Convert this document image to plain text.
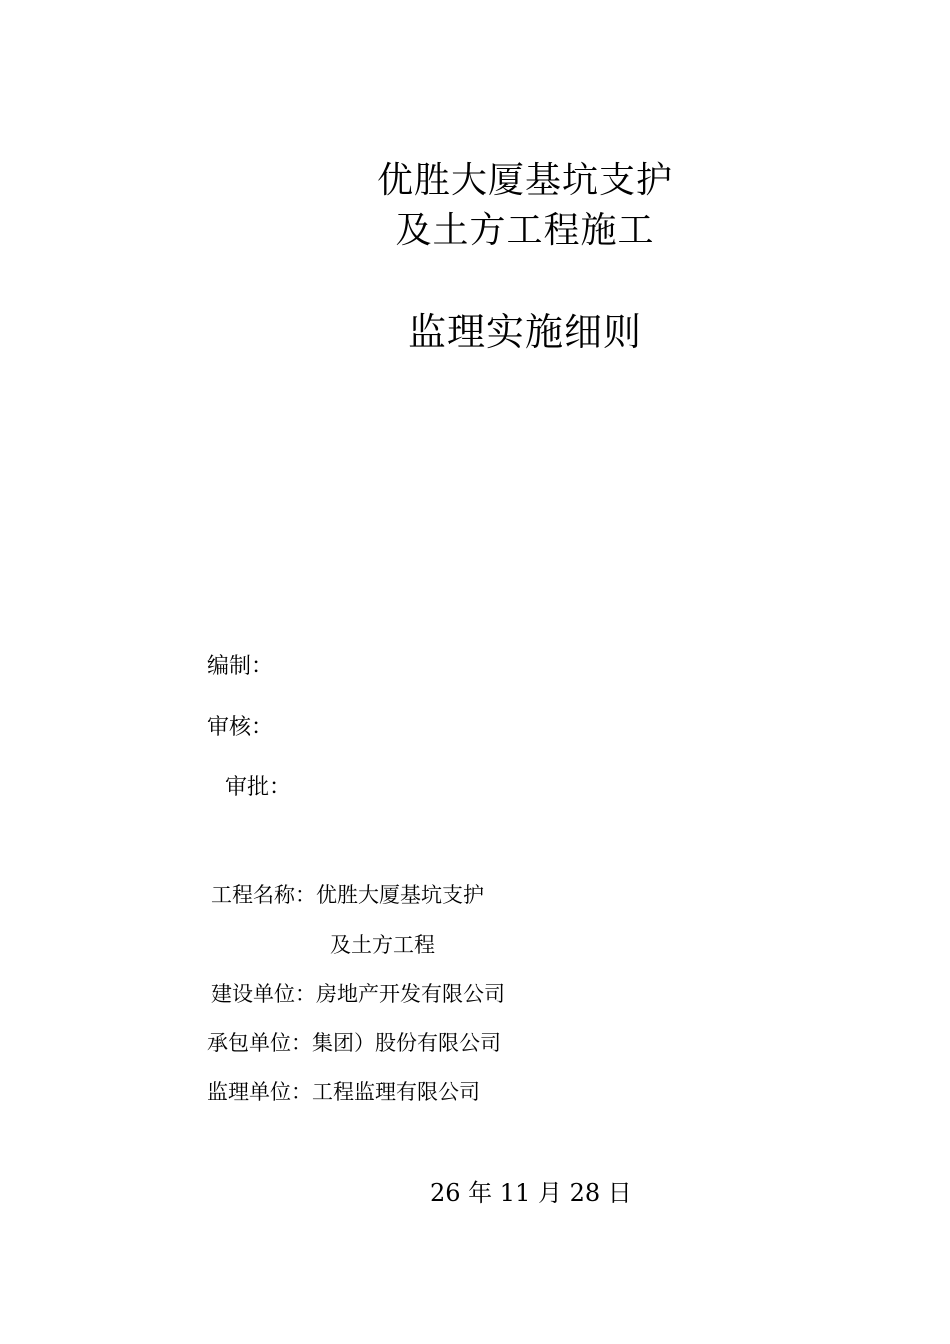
优胜大厦基坑支护
及土方工程施工
监理实施细则
编制：
审核：
审批：
工程名称：优胜大厦基坑支护
及土方工程
建设单位：房地产开发有限公司
承包单位：集团）股份有限公司
监理单位：工程监理有限公司
26 年 11 月 28 日
